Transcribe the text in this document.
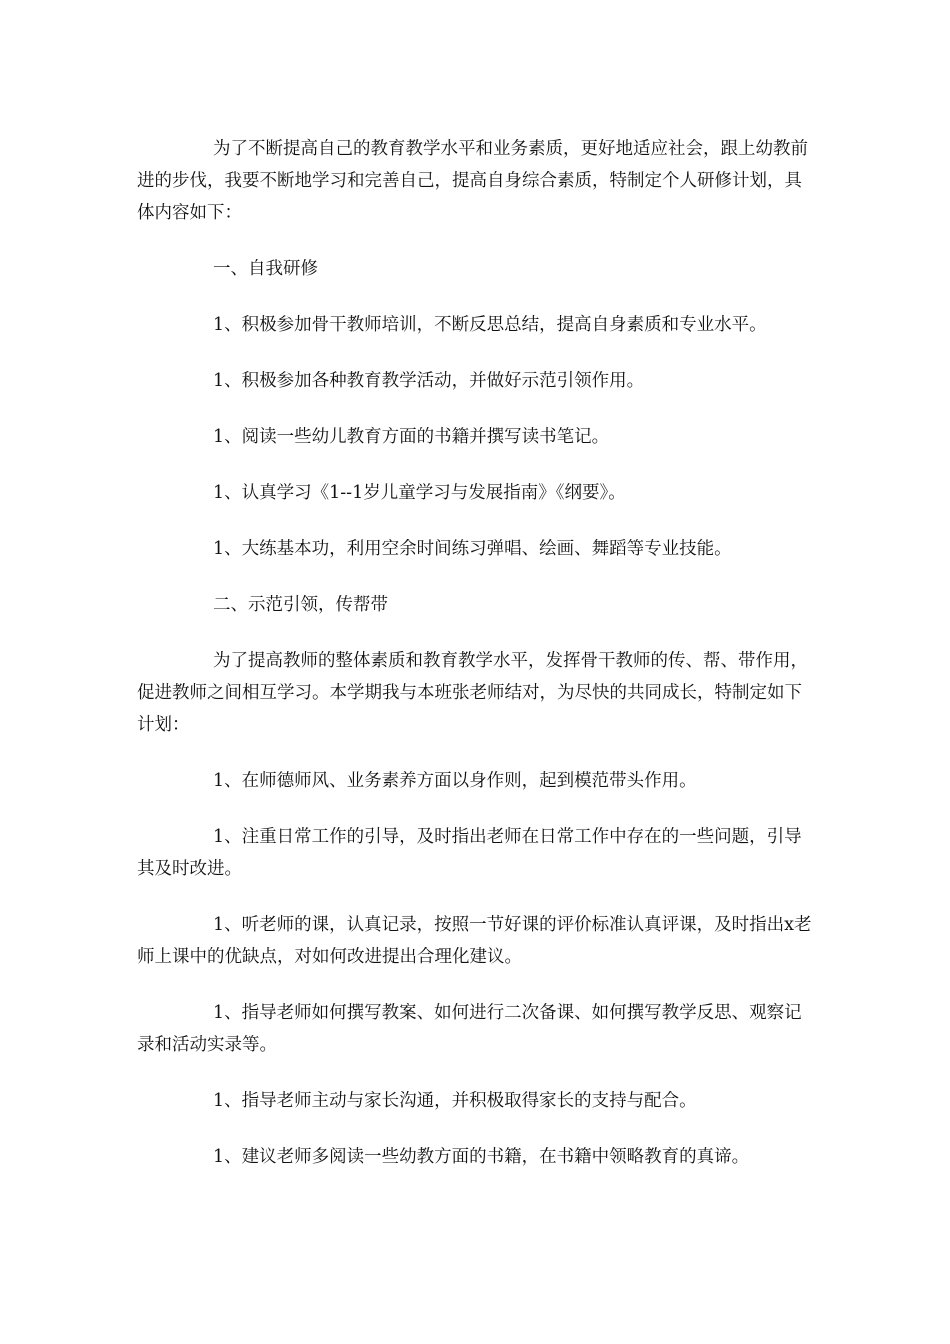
为了不断提高自己的教育教学水平和业务素质，更好地适应社会，跟上幼教前进的步伐，我要不断地学习和完善自己，提高自身综合素质，特制定个人研修计划，具体内容如下：

一、自我研修

1、积极参加骨干教师培训，不断反思总结，提高自身素质和专业水平。

1、积极参加各种教育教学活动，并做好示范引领作用。

1、阅读一些幼儿教育方面的书籍并撰写读书笔记。

1、认真学习《1--1岁儿童学习与发展指南》《纲要》。

1、大练基本功，利用空余时间练习弹唱、绘画、舞蹈等专业技能。

二、示范引领，传帮带

为了提高教师的整体素质和教育教学水平，发挥骨干教师的传、帮、带作用，促进教师之间相互学习。本学期我与本班张老师结对，为尽快的共同成长，特制定如下计划：

1、在师德师风、业务素养方面以身作则，起到模范带头作用。

1、注重日常工作的引导，及时指出老师在日常工作中存在的一些问题，引导其及时改进。

1、听老师的课，认真记录，按照一节好课的评价标准认真评课，及时指出x老师上课中的优缺点，对如何改进提出合理化建议。

1、指导老师如何撰写教案、如何进行二次备课、如何撰写教学反思、观察记录和活动实录等。

1、指导老师主动与家长沟通，并积极取得家长的支持与配合。

1、建议老师多阅读一些幼教方面的书籍，在书籍中领略教育的真谛。
